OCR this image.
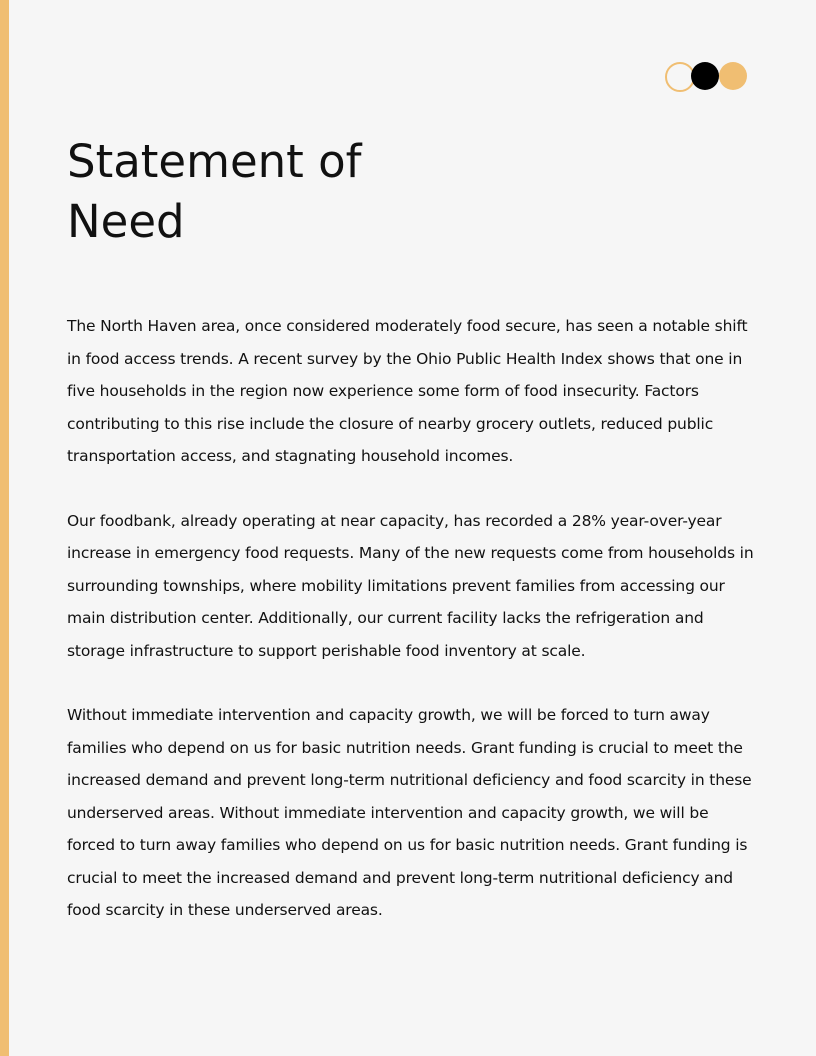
Statement of Need

The North Haven area, once considered moderately food secure, has seen a notable shift in food access trends. A recent survey by the Ohio Public Health Index shows that one in five households in the region now experience some form of food insecurity. Factors contributing to this rise include the closure of nearby grocery outlets, reduced public transportation access, and stagnating household incomes.

Our foodbank, already operating at near capacity, has recorded a 28% year-over-year increase in emergency food requests. Many of the new requests come from households in surrounding townships, where mobility limitations prevent families from accessing our main distribution center. Additionally, our current facility lacks the refrigeration and storage infrastructure to support perishable food inventory at scale.

Without immediate intervention and capacity growth, we will be forced to turn away families who depend on us for basic nutrition needs. Grant funding is crucial to meet the increased demand and prevent long-term nutritional deficiency and food scarcity in these underserved areas. Without immediate intervention and capacity growth, we will be forced to turn away families who depend on us for basic nutrition needs. Grant funding is crucial to meet the increased demand and prevent long-term nutritional deficiency and food scarcity in these underserved areas.
